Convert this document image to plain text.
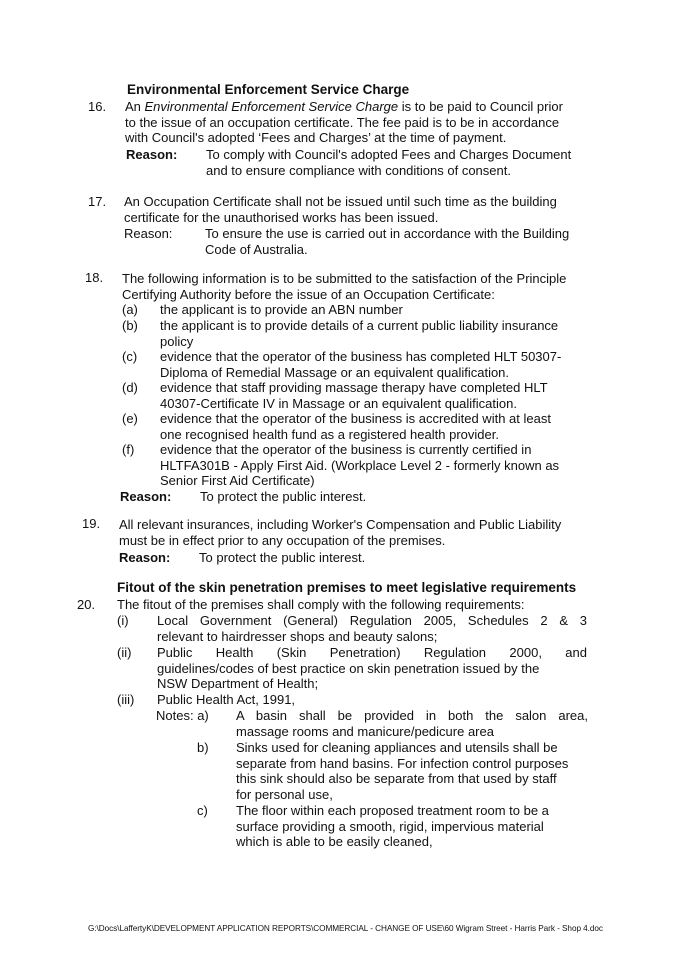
Environmental Enforcement Service Charge
16. An Environmental Enforcement Service Charge is to be paid to Council prior
to the issue of an occupation certificate. The fee paid is to be in accordance
with Council's adopted ‘Fees and Charges’ at the time of payment.
Reason: To comply with Council's adopted Fees and Charges Document
and to ensure compliance with conditions of consent.
17. An Occupation Certificate shall not be issued until such time as the building
certificate for the unauthorised works has been issued.
Reason:	To ensure the use is carried out in accordance with the Building
Code of Australia.
18. The following information is to be submitted to the satisfaction of the Principle
Certifying Authority before the issue of an Occupation Certificate:
(a) the applicant is to provide an ABN number
(b) the applicant is to provide details of a current public liability insurance
policy
(c) evidence that the operator of the business has completed HLT 50307-
Diploma of Remedial Massage or an equivalent qualification.
(d) evidence that staff providing massage therapy have completed HLT
40307-Certificate IV in Massage or an equivalent qualification.
(e) evidence that the operator of the business is accredited with at least
one recognised health fund as a registered health provider.
(f) evidence that the operator of the business is currently certified in
HLTFA301B - Apply First Aid. (Workplace Level 2 - formerly known as
Senior First Aid Certificate)
Reason: To protect the public interest.
19. All relevant insurances, including Worker's Compensation and Public Liability
must be in effect prior to any occupation of the premises.
Reason: To protect the public interest.
Fitout of the skin penetration premises to meet legislative requirements
20. The fitout of the premises shall comply with the following requirements:
(i) Local Government (General) Regulation 2005, Schedules 2 & 3
relevant to hairdresser shops and beauty salons;
(ii) Public Health (Skin Penetration) Regulation 2000, and
guidelines/codes of best practice on skin penetration issued by the
NSW Department of Health;
(iii) Public Health Act, 1991,
Notes: a) A basin shall be provided in both the salon area,
massage rooms and manicure/pedicure area
b) Sinks used for cleaning appliances and utensils shall be
separate from hand basins. For infection control purposes
this sink should also be separate from that used by staff
for personal use,
c) The floor within each proposed treatment room to be a
surface providing a smooth, rigid, impervious material
which is able to be easily cleaned,
G:\Docs\LaffertyK\DEVELOPMENT APPLICATION REPORTS\COMMERCIAL - CHANGE OF USE\60 Wigram Street - Harris Park - Shop 4.doc
